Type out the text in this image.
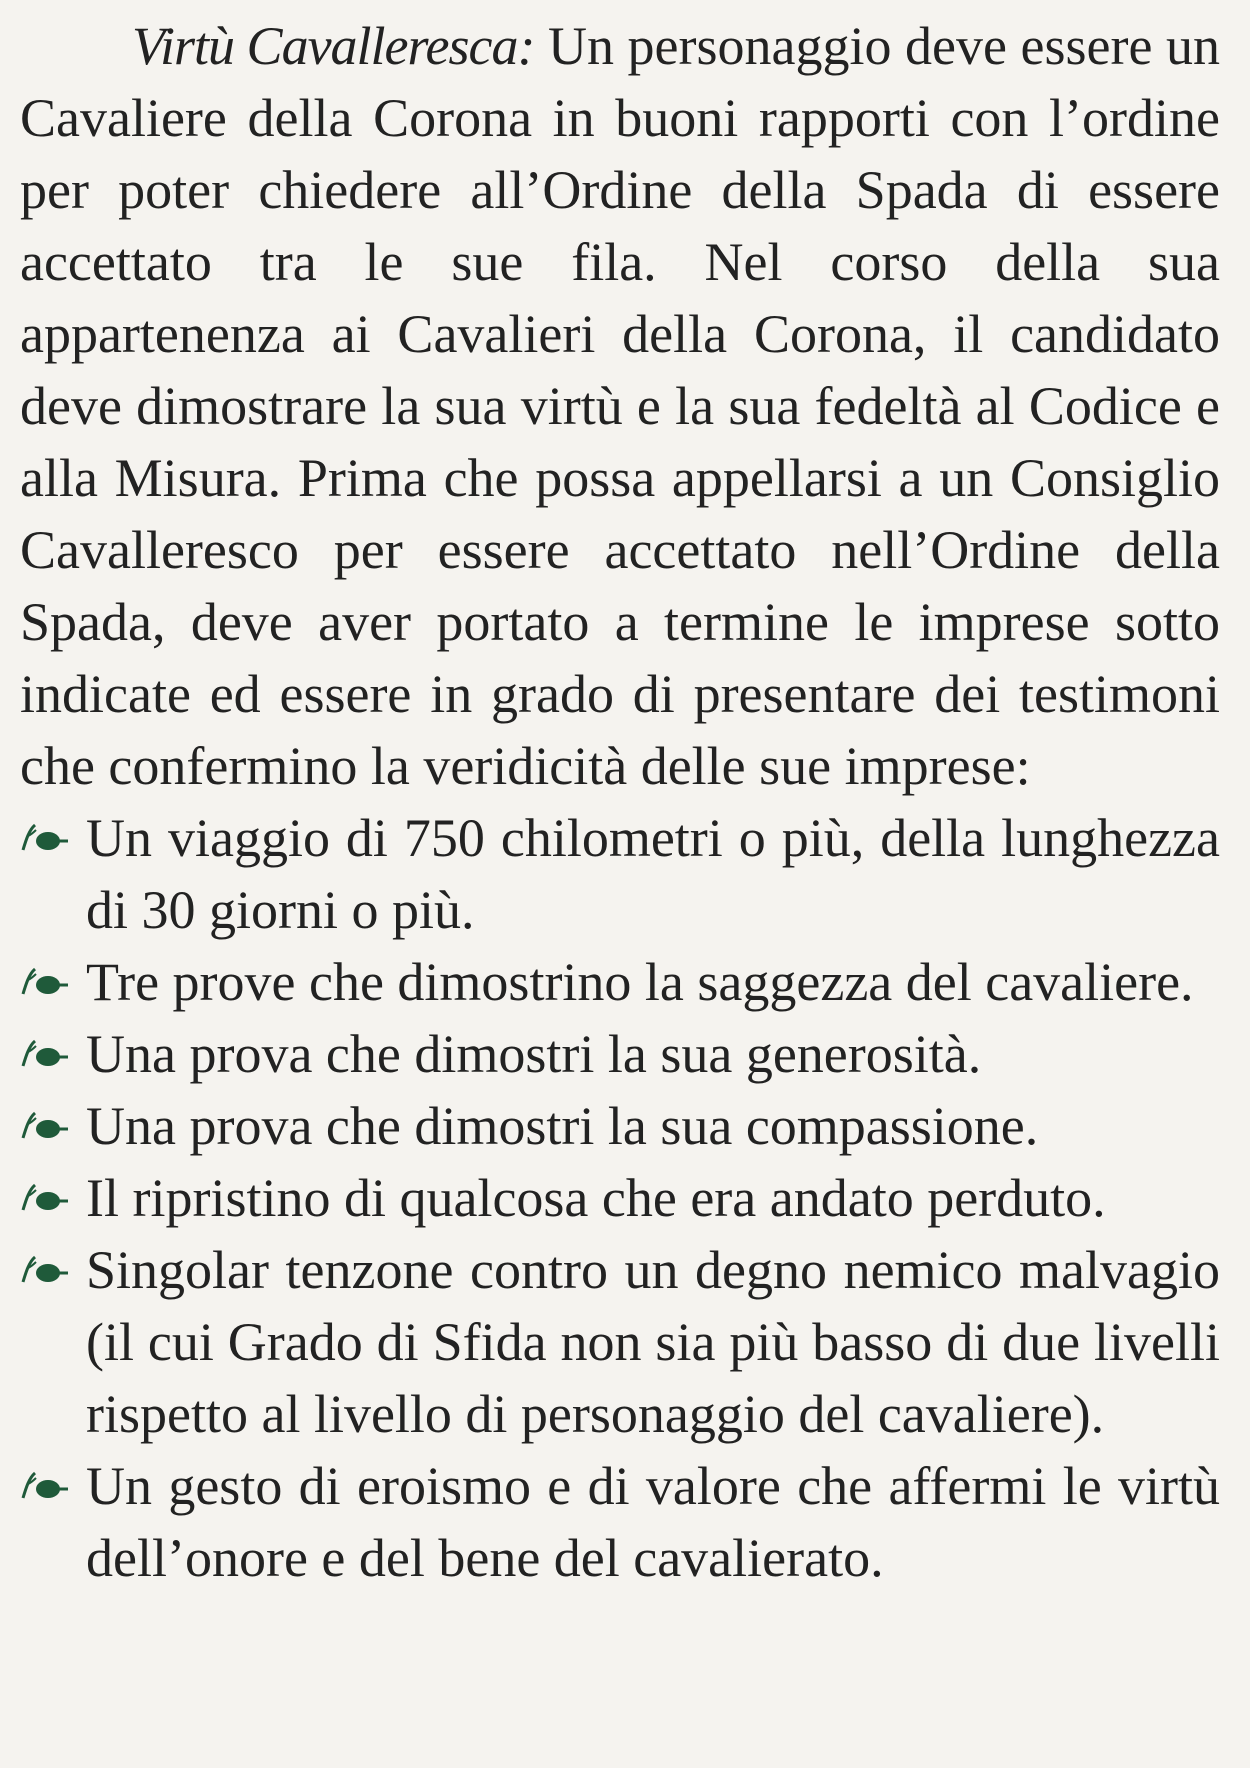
Virtù Cavalleresca: Un personaggio deve essere un Cavaliere della Corona in buoni rapporti con l’ordine per poter chiedere all’Ordine della Spada di essere accettato tra le sue fila. Nel corso della sua appartenenza ai Cavalieri della Corona, il candidato deve dimostrare la sua virtù e la sua fedeltà al Codice e alla Misura. Prima che possa appellarsi a un Consiglio Cavalleresco per essere accettato nell’Ordine della Spada, deve aver portato a termine le imprese sotto indicate ed essere in grado di presentare dei testimoni che confermino la veridicità delle sue imprese:

Un viaggio di 750 chilometri o più, della lunghezza di 30 giorni o più.
Tre prove che dimostrino la saggezza del cavaliere.
Una prova che dimostri la sua generosità.
Una prova che dimostri la sua compassione.
Il ripristino di qualcosa che era andato perduto.
Singolar tenzone contro un degno nemico malvagio (il cui Grado di Sfida non sia più basso di due livelli rispetto al livello di personaggio del cavaliere).
Un gesto di eroismo e di valore che affermi le virtù dell’onore e del bene del cavalierato.
